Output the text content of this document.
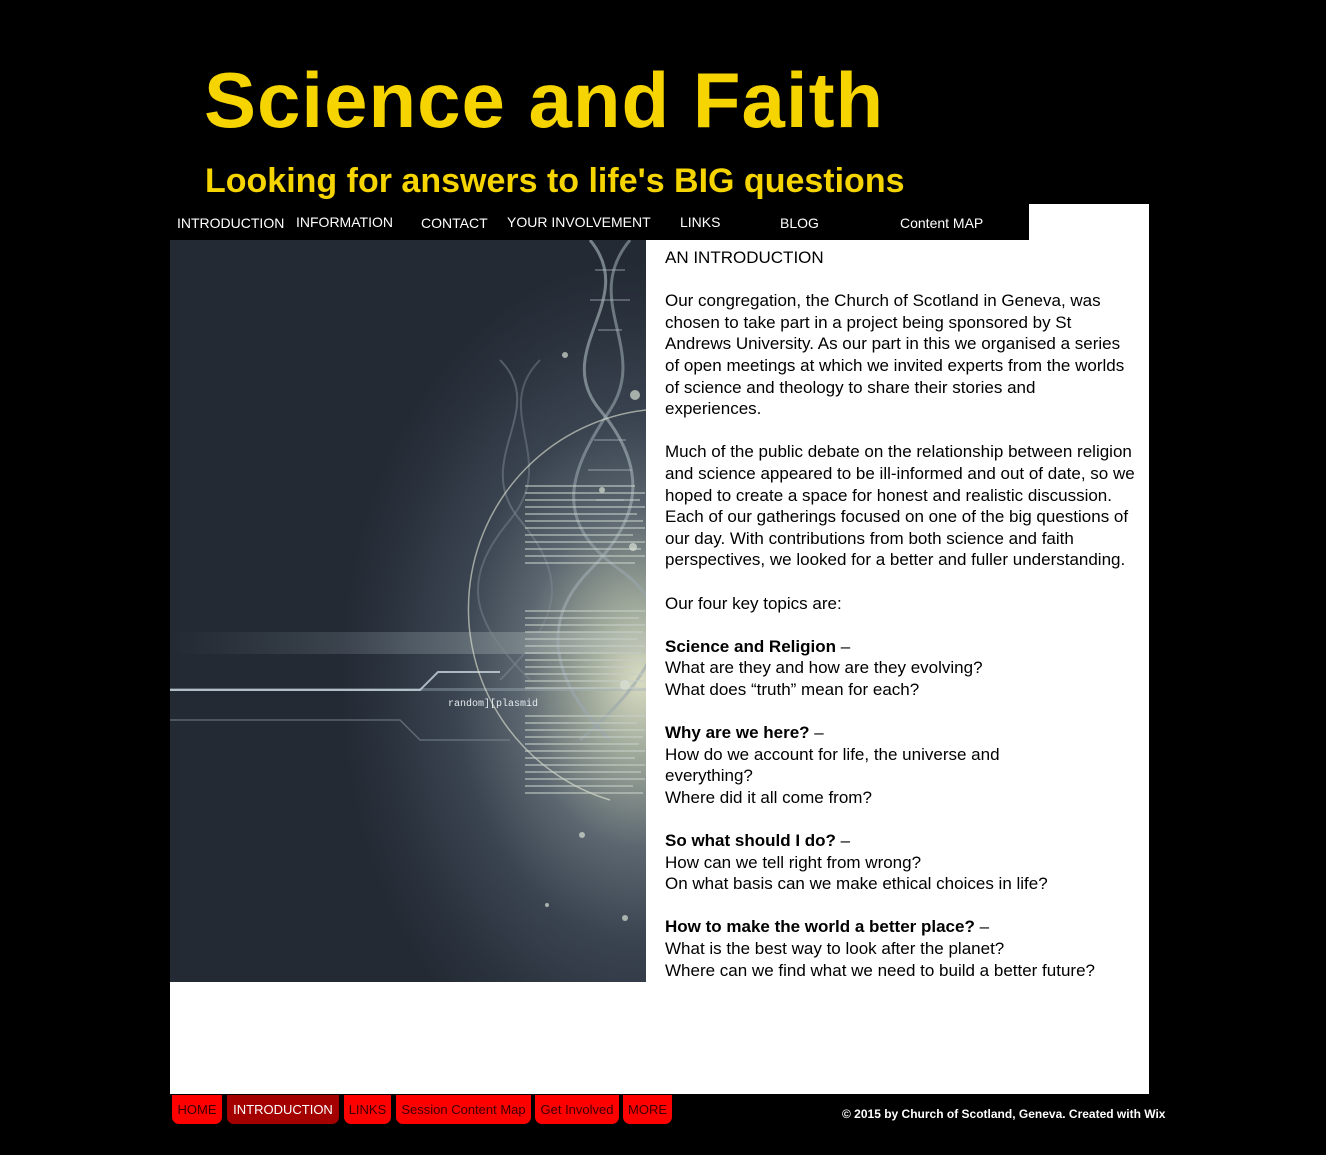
Science and Faith
Looking for answers to life's BIG questions
INTRODUCTION INFORMATION CONTACT YOUR INVOLVEMENT LINKS	BLOG	Content MAP
random][plasmid

AN INTRODUCTION

Our congregation, the Church of Scotland in Geneva, was chosen to take part in a project being sponsored by St Andrews University. As our part in this we organised a series of open meetings at which we invited experts from the worlds of science and theology to share their stories and experiences.

Much of the public debate on the relationship between religion and science appeared to be ill-informed and out of date, so we hoped to create a space for honest and realistic discussion. Each of our gatherings focused on one of the big questions of our day. With contributions from both science and faith perspectives, we looked for a better and fuller understanding.

Our four key topics are:

Science and Religion –

What are they and how are they evolving?

What does “truth” mean for each?

Why are we here? –

How do we account for life, the universe and everything?

Where did it all come from?

So what should I do? –

How can we tell right from wrong?

On what basis can we make ethical choices in life?

How to make the world a better place? –

What is the best way to look after the planet?

Where can we find what we need to build a better future?

HOME	INTRODUCTION	LINKS	Session Content Map	Get Involved	MORE	© 2015 by Church of Scotland, Geneva. Created with Wix
